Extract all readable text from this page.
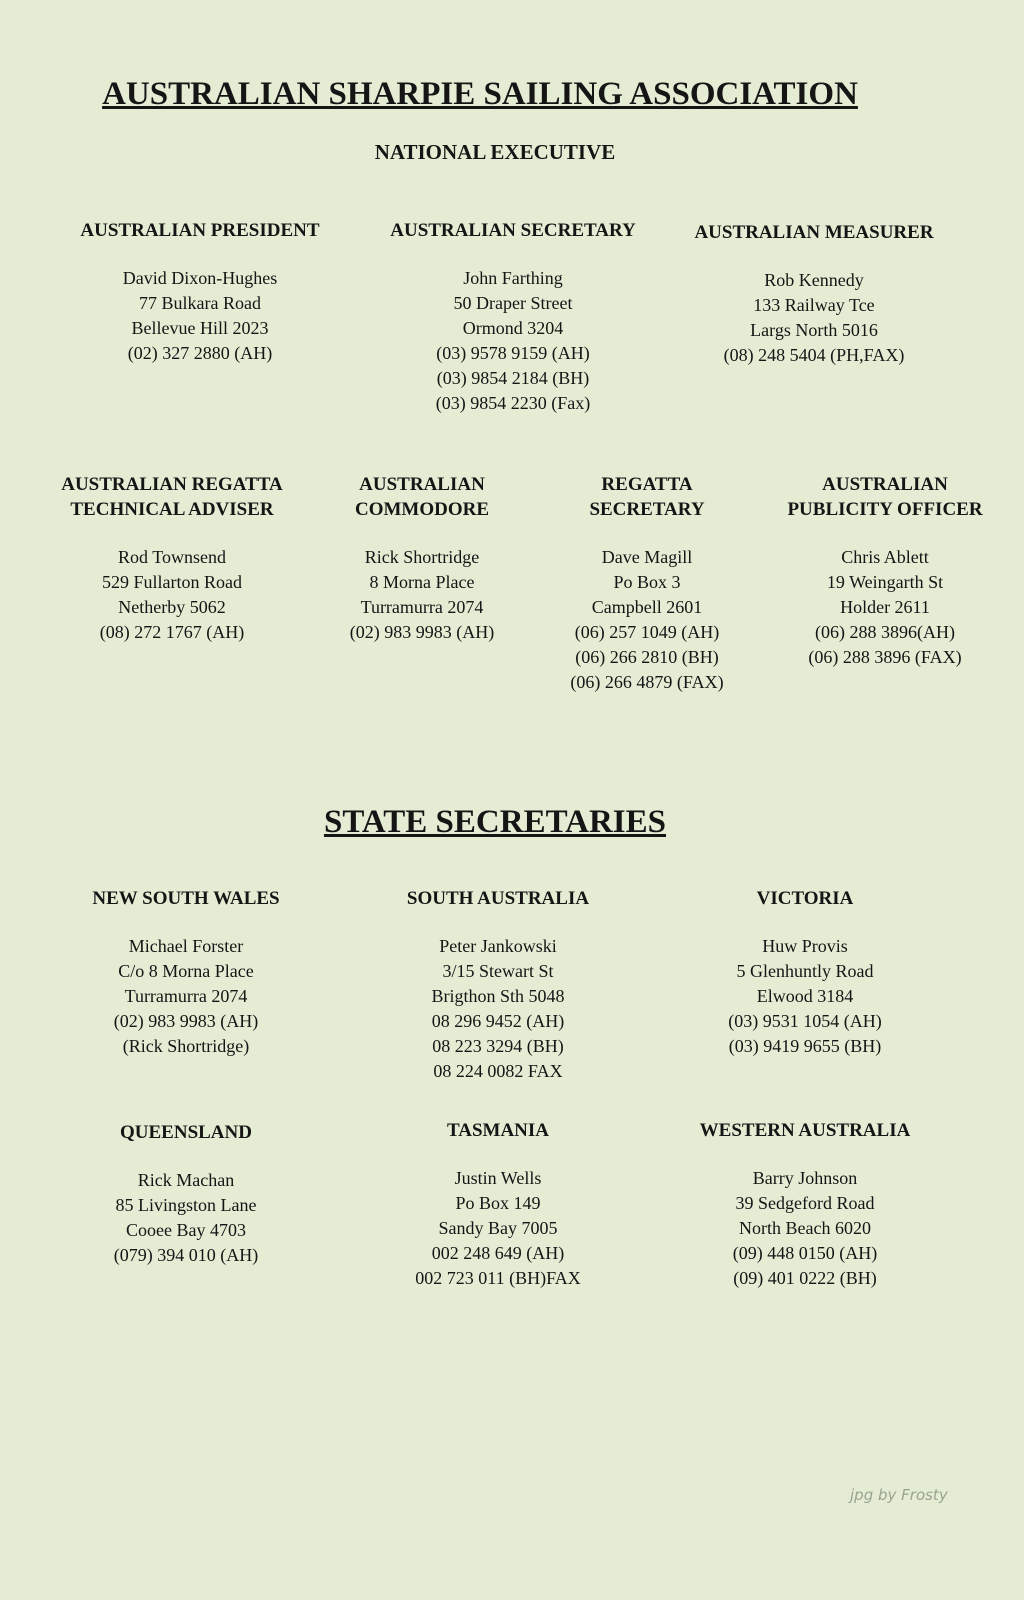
AUSTRALIAN SHARPIE SAILING ASSOCIATION
NATIONAL EXECUTIVE
AUSTRALIAN PRESIDENT
David Dixon-Hughes
77 Bulkara Road
Bellevue Hill 2023
(02) 327 2880 (AH)
AUSTRALIAN SECRETARY
John Farthing
50 Draper Street
Ormond 3204
(03) 9578 9159 (AH)
(03) 9854 2184 (BH)
(03) 9854 2230 (Fax)
AUSTRALIAN MEASURER
Rob Kennedy
133 Railway Tce
Largs North 5016
(08) 248 5404 (PH,FAX)
AUSTRALIAN REGATTA
TECHNICAL ADVISER
Rod Townsend
529 Fullarton Road
Netherby 5062
(08) 272 1767 (AH)
AUSTRALIAN
COMMODORE
Rick Shortridge
8 Morna Place
Turramurra 2074
(02) 983 9983 (AH)
REGATTA
SECRETARY
Dave Magill
Po Box 3
Campbell 2601
(06) 257 1049 (AH)
(06) 266 2810 (BH)
(06) 266 4879 (FAX)
AUSTRALIAN
PUBLICITY OFFICER
Chris Ablett
19 Weingarth St
Holder 2611
(06) 288 3896(AH)
(06) 288 3896 (FAX)
STATE SECRETARIES
NEW SOUTH WALES
Michael Forster
C/o 8 Morna Place
Turramurra 2074
(02) 983 9983 (AH)
(Rick Shortridge)
SOUTH AUSTRALIA
Peter Jankowski
3/15 Stewart St
Brigthon Sth 5048
08 296 9452 (AH)
08 223 3294 (BH)
08 224 0082 FAX
VICTORIA
Huw Provis
5 Glenhuntly Road
Elwood 3184
(03) 9531 1054 (AH)
(03) 9419 9655 (BH)
QUEENSLAND
Rick Machan
85 Livingston Lane
Cooee Bay 4703
(079) 394 010 (AH)
TASMANIA
Justin Wells
Po Box 149
Sandy Bay 7005
002 248 649 (AH)
002 723 011 (BH)FAX
WESTERN AUSTRALIA
Barry Johnson
39 Sedgeford Road
North Beach 6020
(09) 448 0150 (AH)
(09) 401 0222 (BH)
jpg by Frosty
